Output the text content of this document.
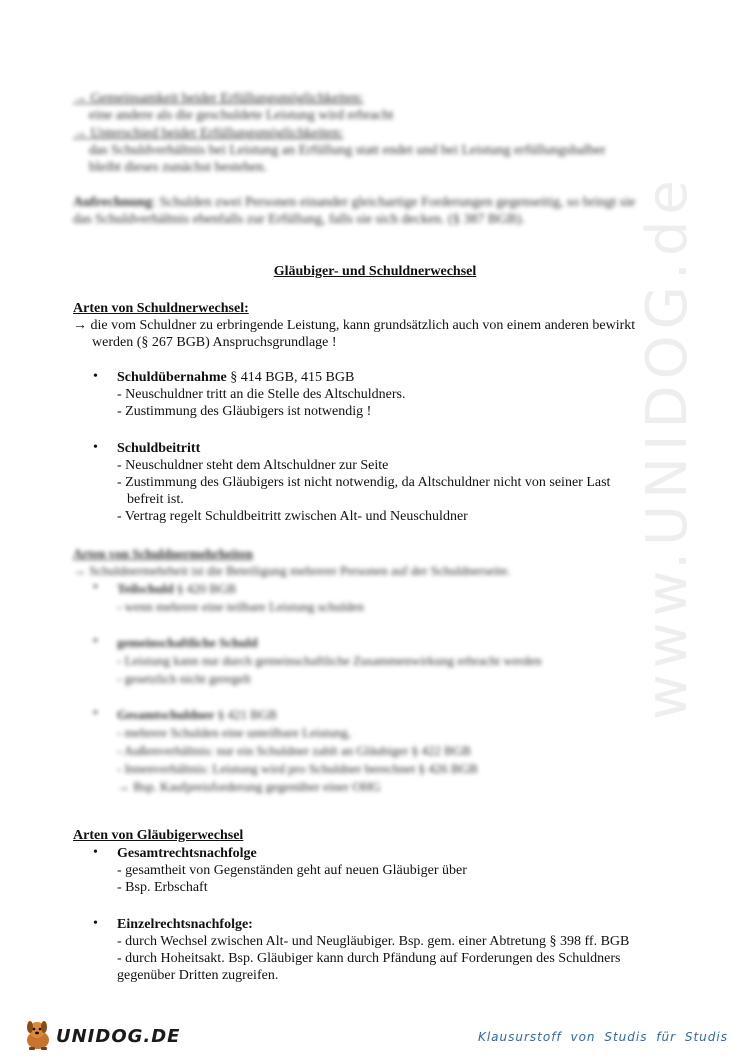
www.UNIDOG.de
→ Gemeinsamkeit beider Erfüllungsmöglichkeiten:
eine andere als die geschuldete Leistung wird erbracht
→ Unterschied beider Erfüllungsmöglichkeiten:
das Schuldverhältnis bei Leistung an Erfüllung statt endet und bei Leistung erfüllungshalber
bleibt dieses zunächst bestehen.
Aufrechnung: Schulden zwei Personen einander gleichartige Forderungen gegenseitig, so bringt sie
das Schuldverhältnis ebenfalls zur Erfüllung, falls sie sich decken. (§ 387 BGB).
Gläubiger- und Schuldnerwechsel
Arten von Schuldnerwechsel:
→ die vom Schuldner zu erbringende Leistung, kann grundsätzlich auch von einem anderen bewirkt
werden (§ 267 BGB) Anspruchsgrundlage !
• Schuldübernahme § 414 BGB, 415 BGB
- Neuschuldner tritt an die Stelle des Altschuldners.
- Zustimmung des Gläubigers ist notwendig !
• Schuldbeitritt
- Neuschuldner steht dem Altschuldner zur Seite
- Zustimmung des Gläubigers ist nicht notwendig, da Altschuldner nicht von seiner Last
befreit ist.
- Vertrag regelt Schuldbeitritt zwischen Alt- und Neuschuldner
Arten von Schuldnermehrheiten
→ Schuldnermehrheit ist die Beteiligung mehrerer Personen auf der Schuldnerseite.
• Teilschuld § 420 BGB
- wenn mehrere eine teilbare Leistung schulden
• gemeinschaftliche Schuld
- Leistung kann nur durch gemeinschaftliche Zusammenwirkung erbracht werden
- gesetzlich nicht geregelt
• Gesamtschuldner § 421 BGB
- mehrere Schulden eine unteilbare Leistung,
- Außenverhältnis: nur ein Schuldner zahlt an Gläubiger § 422 BGB
- Innenverhältnis: Leistung wird pro Schuldner berechnet § 426 BGB
→ Bsp. Kaufpreisforderung gegenüber einer OHG
Arten von Gläubigerwechsel
• Gesamtrechtsnachfolge
- gesamtheit von Gegenständen geht auf neuen Gläubiger über
- Bsp. Erbschaft
• Einzelrechtsnachfolge:
- durch Wechsel zwischen Alt- und Neugläubiger. Bsp. gem. einer Abtretung § 398 ff. BGB
- durch Hoheitsakt. Bsp. Gläubiger kann durch Pfändung auf Forderungen des Schuldners
gegenüber Dritten zugreifen.
UNIDOG.DE	Klausurstoff von Studis für Studis
